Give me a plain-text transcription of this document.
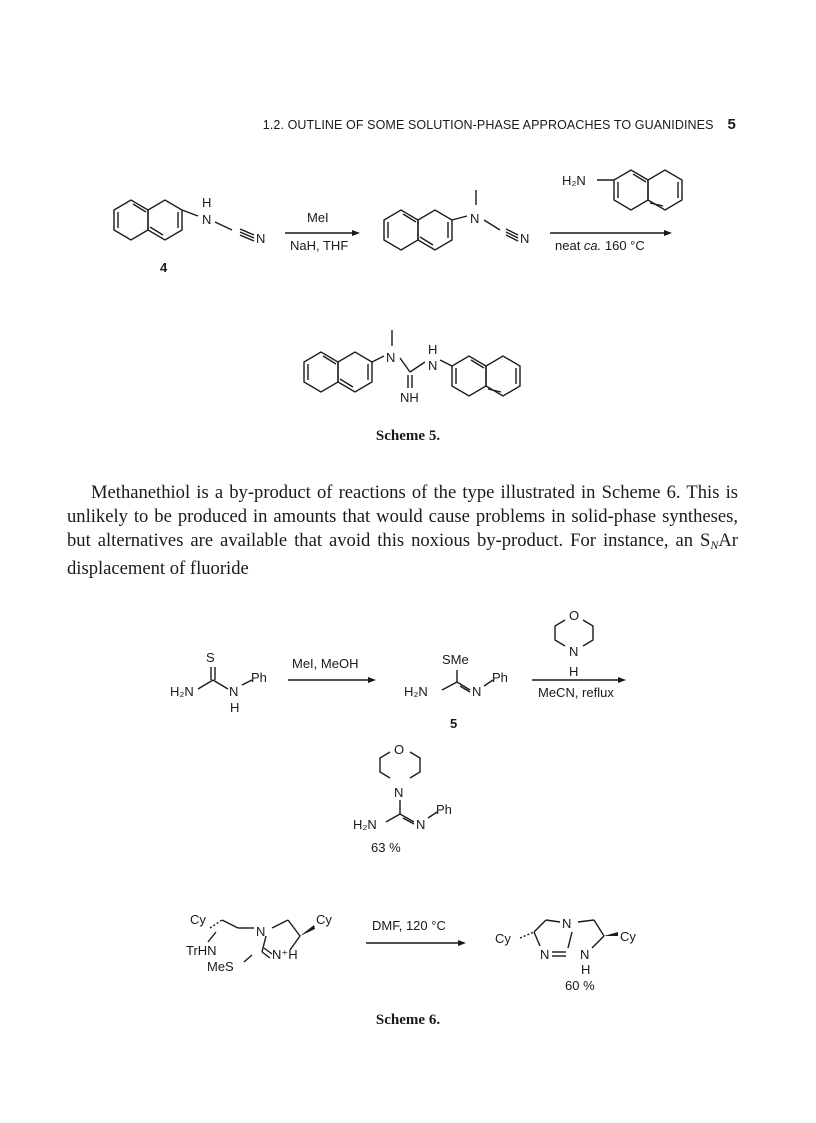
1.2. OUTLINE OF SOME SOLUTION-PHASE APPROACHES TO GUANIDINES 5
H
N
N
4
MeI
NaH, THF
N
N
H₂N
neat ca. 160 °C
N
H
N
NH
Scheme 5.
Methanethiol is a by-product of reactions of the type illustrated in Scheme 6. This is unlikely to be produced in amounts that would cause problems in solid-phase syntheses, but alternatives are available that avoid this noxious by-product. For instance, an $S_NAr$ displacement of fluoride
S
H₂N	N
Ph
H
MeI, MeOH	SMe
H₂N	N
Ph
5
O
N
H
MeCN, reflux
O
N
H₂N	N
Ph
63 %
Cy
N
Cy
TrHN
MeS
N⁺H
DMF, 120 °C
Cy
N
N N
H
Cy
60 %
Scheme 6.
